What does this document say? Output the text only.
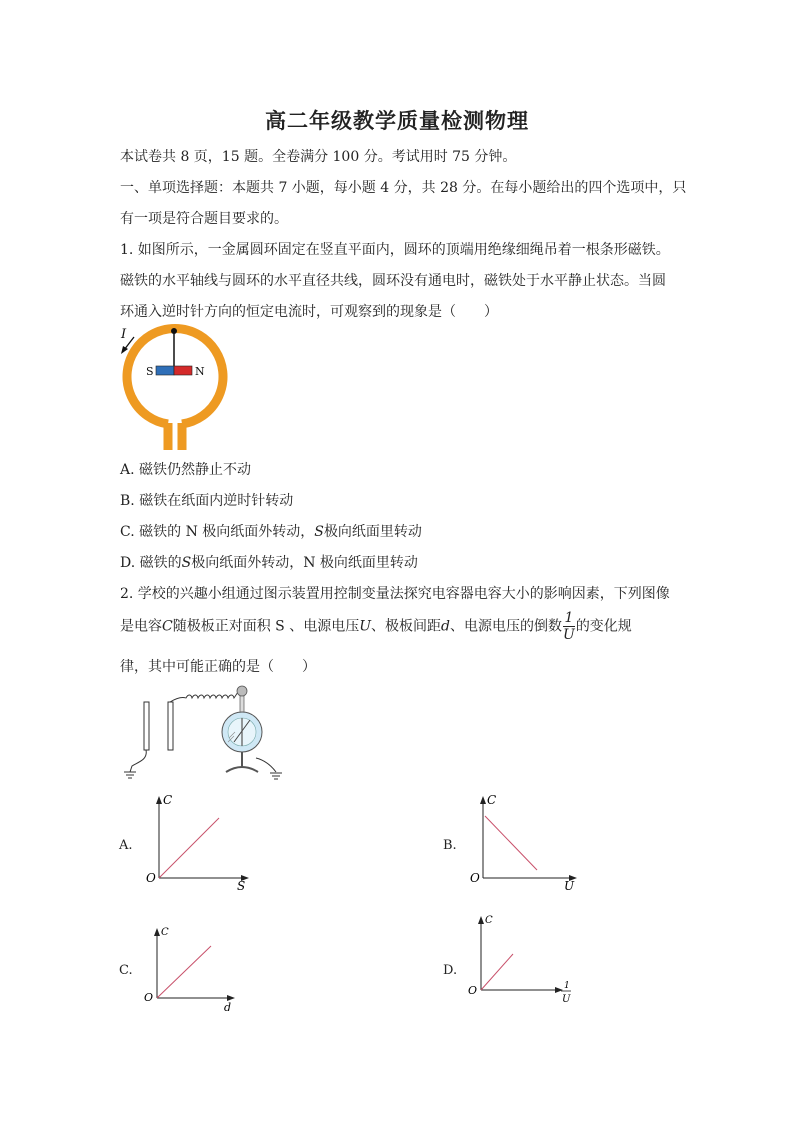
高二年级教学质量检测物理
本试卷共 8 页，15 题。全卷满分 100 分。考试用时 75 分钟。
一、单项选择题：本题共 7 小题，每小题 4 分，共 28 分。在每小题给出的四个选项中，只
有一项是符合题目要求的。
1. 如图所示，一金属圆环固定在竖直平面内，圆环的顶端用绝缘细绳吊着一根条形磁铁。
磁铁的水平轴线与圆环的水平直径共线，圆环没有通电时，磁铁处于水平静止状态。当圆
环通入逆时针方向的恒定电流时，可观察到的现象是（　　）
S	N
I
A. 磁铁仍然静止不动
B. 磁铁在纸面内逆时针转动
C. 磁铁的 N 极向纸面外转动，S极向纸面里转动
D. 磁铁的S极向纸面外转动，N 极向纸面里转动
2. 学校的兴趣小组通过图示装置用控制变量法探究电容器电容大小的影响因素，下列图像
是电容C随极板正对面积 S 、电源电压U、极板间距d、电源电压的倒数 $\frac{1}{U}$ 的变化规
律，其中可能正确的是（　　）
A.
C
O
S
B.
C
O
U
C.
C
O
d
D.
C
O	1
U
